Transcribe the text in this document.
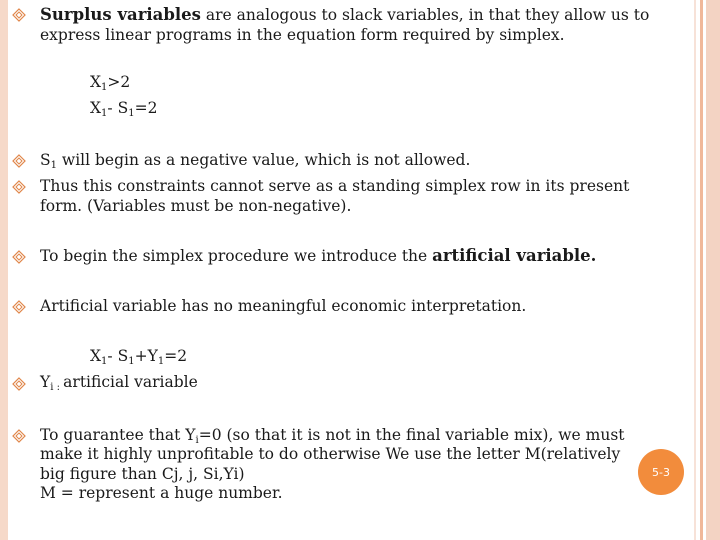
Surplus variables are analogous to slack variables, in that they allow us to
express linear programs in the equation form required by simplex.
$X_1>2$
$X_1-$ $S_1=2$
$S_1$ will begin as a negative value, which is not allowed.
Thus this constraints cannot serve as a standing simplex row in its present
form. (Variables must be non-negative).
To begin the simplex procedure we introduce the artificial variable.
Artificial variable has no meaningful economic interpretation.
$X_1-$ $S_1+Y_1=2$
$Y_{i :}$ artificial variable
To guarantee that $Y_i=0$ (so that it is not in the final variable mix), we must
make it highly unprofitable to do otherwise We use the letter M(relatively
big figure than Cj, j, Si,Yi)
M = represent a huge number.
5-3
